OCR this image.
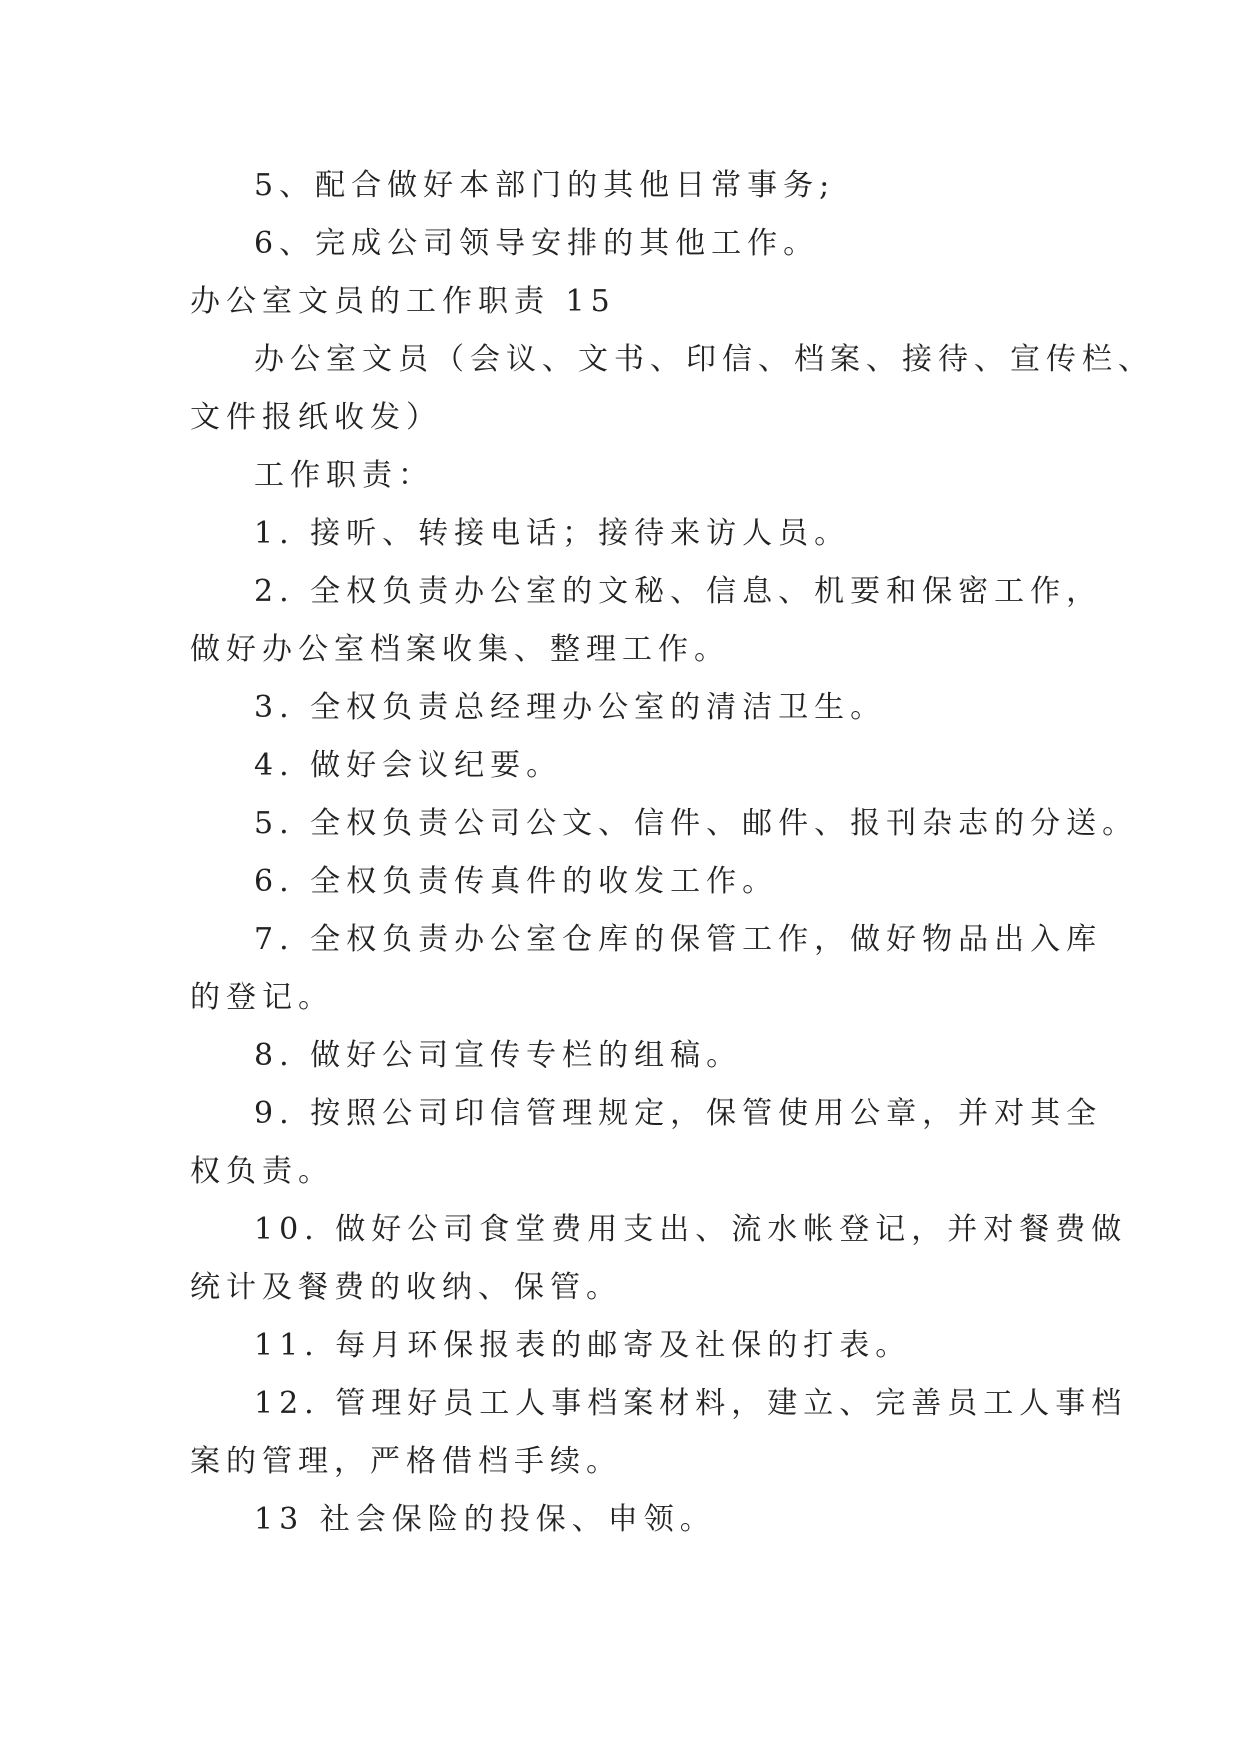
5、配合做好本部门的其他日常事务;
6、完成公司领导安排的其他工作。
办公室文员的工作职责 15
办公室文员（会议、文书、印信、档案、接待、宣传栏、
文件报纸收发）
工作职责：
1. 接听、转接电话；接待来访人员。
2. 全权负责办公室的文秘、信息、机要和保密工作，
做好办公室档案收集、整理工作。
3. 全权负责总经理办公室的清洁卫生。
4. 做好会议纪要。
5. 全权负责公司公文、信件、邮件、报刊杂志的分送。
6. 全权负责传真件的收发工作。
7. 全权负责办公室仓库的保管工作，做好物品出入库
的登记。
8. 做好公司宣传专栏的组稿。
9. 按照公司印信管理规定，保管使用公章，并对其全
权负责。
10. 做好公司食堂费用支出、流水帐登记，并对餐费做
统计及餐费的收纳、保管。
11. 每月环保报表的邮寄及社保的打表。
12. 管理好员工人事档案材料，建立、完善员工人事档
案的管理，严格借档手续。
13 社会保险的投保、申领。
